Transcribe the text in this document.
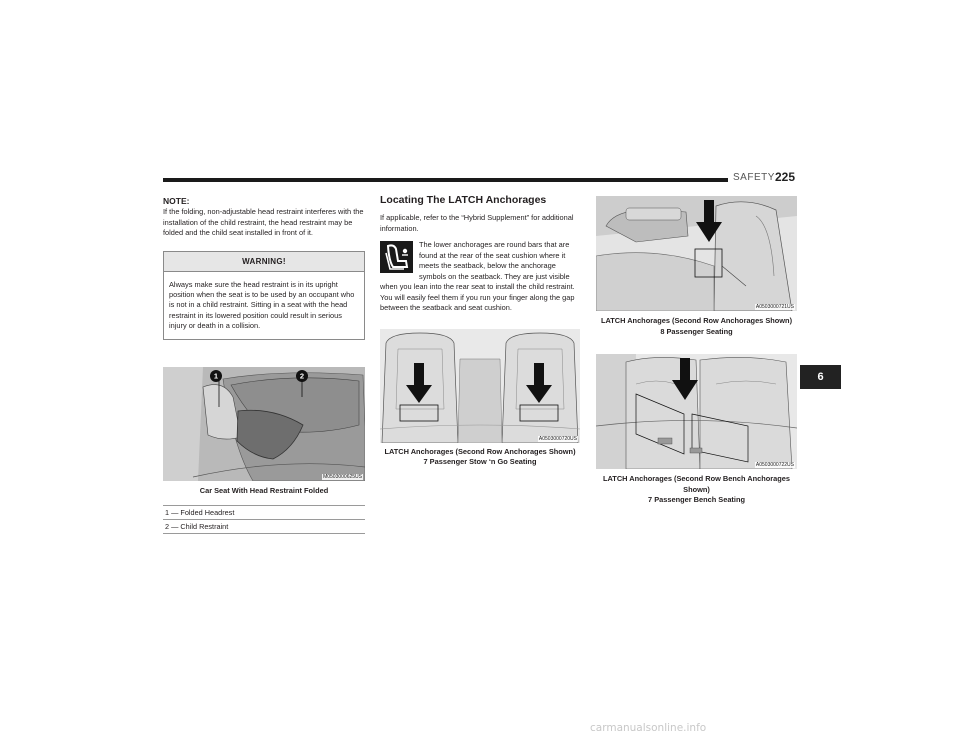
SAFETY 225
NOTE:
If the folding, non-adjustable head restraint interferes with the installation of the child restraint, the head restraint may be folded and the child seat installed in front of it.
WARNING!
Always make sure the head restraint is in its upright position when the seat is to be used by an occupant who is not in a child restraint. Sitting in a seat with the head restraint in its lowered position could result in serious injury or death in a collision.
1	2
M0503000625US
Car Seat With Head Restraint Folded
1 — Folded Headrest
2 — Child Restraint
Locating The LATCH Anchorages
If applicable, refer to the “Hybrid Supplement” for additional information.
The lower anchorages are round bars that are found at the rear of the seat cushion where it meets the seatback, below the anchorage symbols on the seatback. They are just visible when you lean into the rear seat to install the child restraint. You will easily feel them if you run your finger along the gap between the seatback and seat cushion.
A0503000720US
LATCH Anchorages (Second Row Anchorages Shown)
7 Passenger Stow ‘n Go Seating
A0503000721US
LATCH Anchorages (Second Row Anchorages Shown)
8 Passenger Seating
A0503000722US
LATCH Anchorages (Second Row Bench Anchorages Shown)
7 Passenger Bench Seating
6
carmanualsonline.info
